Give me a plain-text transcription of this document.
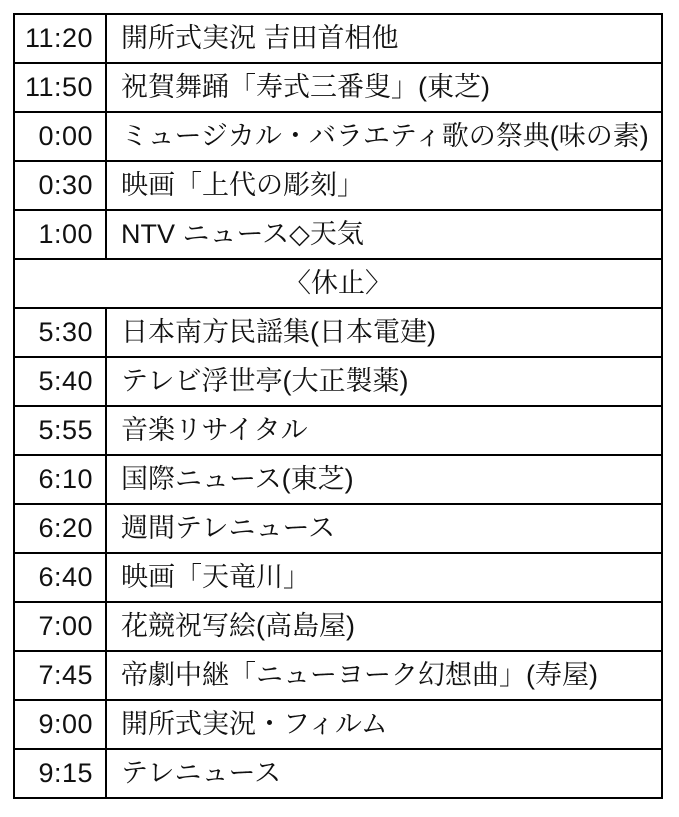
11:20	開所式実況 吉田首相他
11:50	祝賀舞踊「寿式三番叟」(東芝)
0:00	ミュージカル・バラエティ歌の祭典(味の素)
0:30	映画「上代の彫刻」
1:00	NTV ニュース◇天気
〈休止〉
5:30	日本南方民謡集(日本電建)
5:40	テレビ浮世亭(大正製薬)
5:55	音楽リサイタル
6:10	国際ニュース(東芝)
6:20	週間テレニュース
6:40	映画「天竜川」
7:00	花競祝写絵(高島屋)
7:45	帝劇中継「ニューヨーク幻想曲」(寿屋)
9:00	開所式実況・フィルム
9:15	テレニュース
